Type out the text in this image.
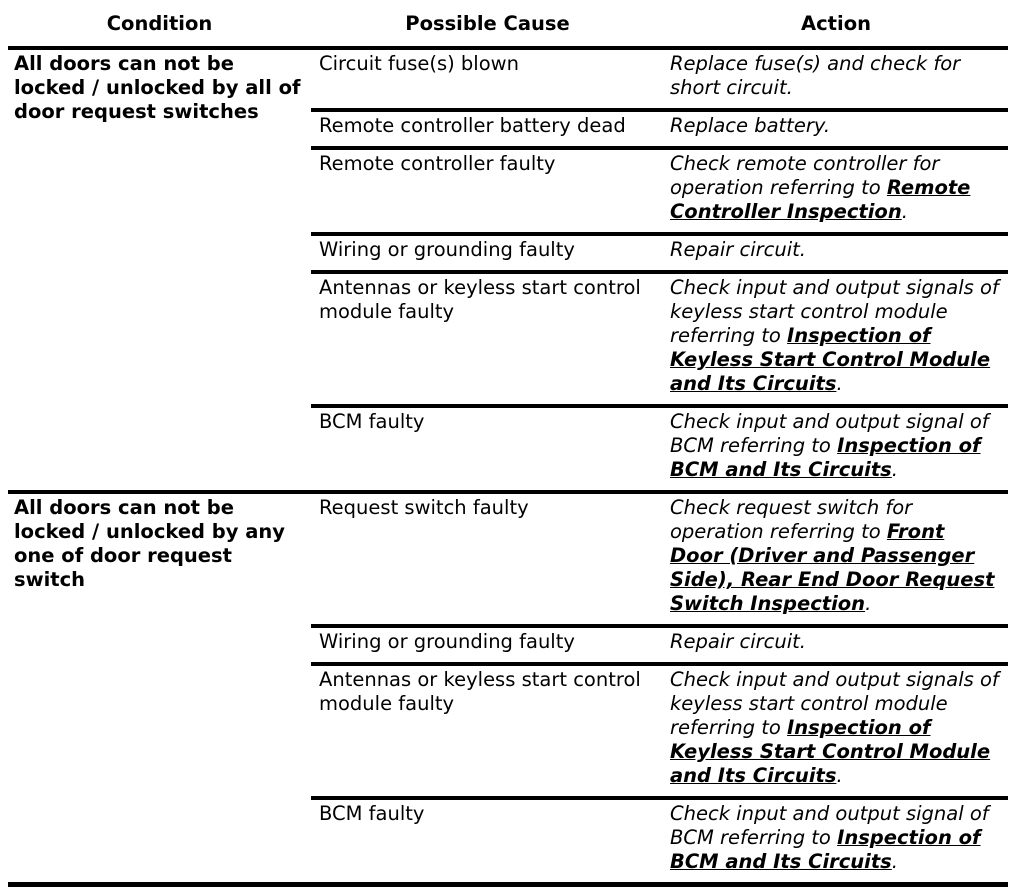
Condition	Possible Cause	Action
All doors can not be locked / unlocked by all of door request switches	Circuit fuse(s) blown	Replace fuse(s) and check for short circuit.
	Remote controller battery dead	Replace battery.
	Remote controller faulty	Check remote controller for operation referring to Remote Controller Inspection.
	Wiring or grounding faulty	Repair circuit.
	Antennas or keyless start control module faulty	Check input and output signals of keyless start control module referring to Inspection of Keyless Start Control Module and Its Circuits.
	BCM faulty	Check input and output signal of BCM referring to Inspection of BCM and Its Circuits.
All doors can not be locked / unlocked by any one of door request switch	Request switch faulty	Check request switch for operation referring to Front Door (Driver and Passenger Side), Rear End Door Request Switch Inspection.
	Wiring or grounding faulty	Repair circuit.
	Antennas or keyless start control module faulty	Check input and output signals of keyless start control module referring to Inspection of Keyless Start Control Module and Its Circuits.
	BCM faulty	Check input and output signal of BCM referring to Inspection of BCM and Its Circuits.
